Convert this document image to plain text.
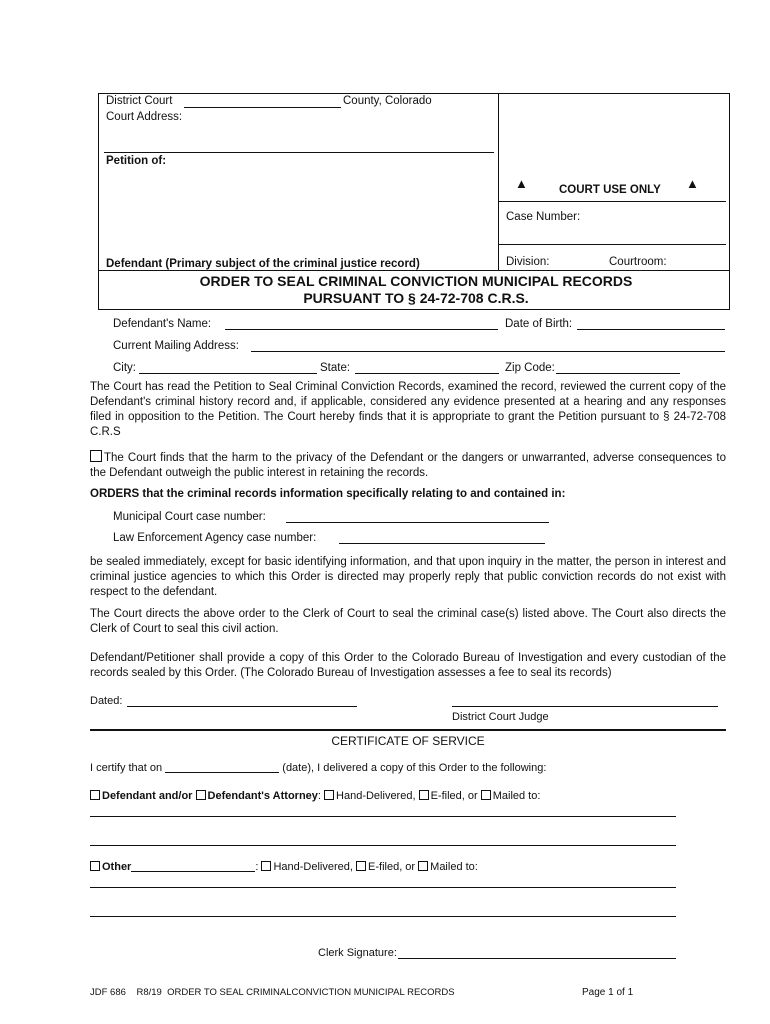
District Court	County, Colorado
Court Address:
Petition of:
Defendant (Primary subject of the criminal justice record)
▲	COURT USE ONLY ▲
Case Number:
Division:	Courtroom:
ORDER TO SEAL CRIMINAL CONVICTION MUNICIPAL RECORDS
PURSUANT TO § 24-72-708 C.R.S.
Defendant's Name:	Date of Birth:
Current Mailing Address:
City:	State:	Zip Code:
The Court has read the Petition to Seal Criminal Conviction Records, examined the record, reviewed the current copy of the Defendant's criminal history record and, if applicable, considered any evidence presented at a hearing and any responses filed in opposition to the Petition. The Court hereby finds that it is appropriate to grant the Petition pursuant to § 24-72-708 C.R.S
The Court finds that the harm to the privacy of the Defendant or the dangers or unwarranted, adverse consequences to the Defendant outweigh the public interest in retaining the records.
ORDERS that the criminal records information specifically relating to and contained in:
Municipal Court case number:
Law Enforcement Agency case number:
be sealed immediately, except for basic identifying information, and that upon inquiry in the matter, the person in interest and criminal justice agencies to which this Order is directed may properly reply that public conviction records do not exist with respect to the defendant.
The Court directs the above order to the Clerk of Court to seal the criminal case(s) listed above. The Court also directs the Clerk of Court to seal this civil action.
Defendant/Petitioner shall provide a copy of this Order to the Colorado Bureau of Investigation and every custodian of the records sealed by this Order. (The Colorado Bureau of Investigation assesses a fee to seal its records)
Dated:
District Court Judge
CERTIFICATE OF SERVICE
I certify that on	(date), I delivered a copy of this Order to the following:
Defendant and/or Defendant's Attorney: Hand-Delivered, E-filed, or Mailed to:
Other	: Hand-Delivered, E-filed, or Mailed to:
Clerk Signature:
JDF 686    R8/19  ORDER TO SEAL CRIMINALCONVICTION MUNICIPAL RECORDS	Page 1 of 1
